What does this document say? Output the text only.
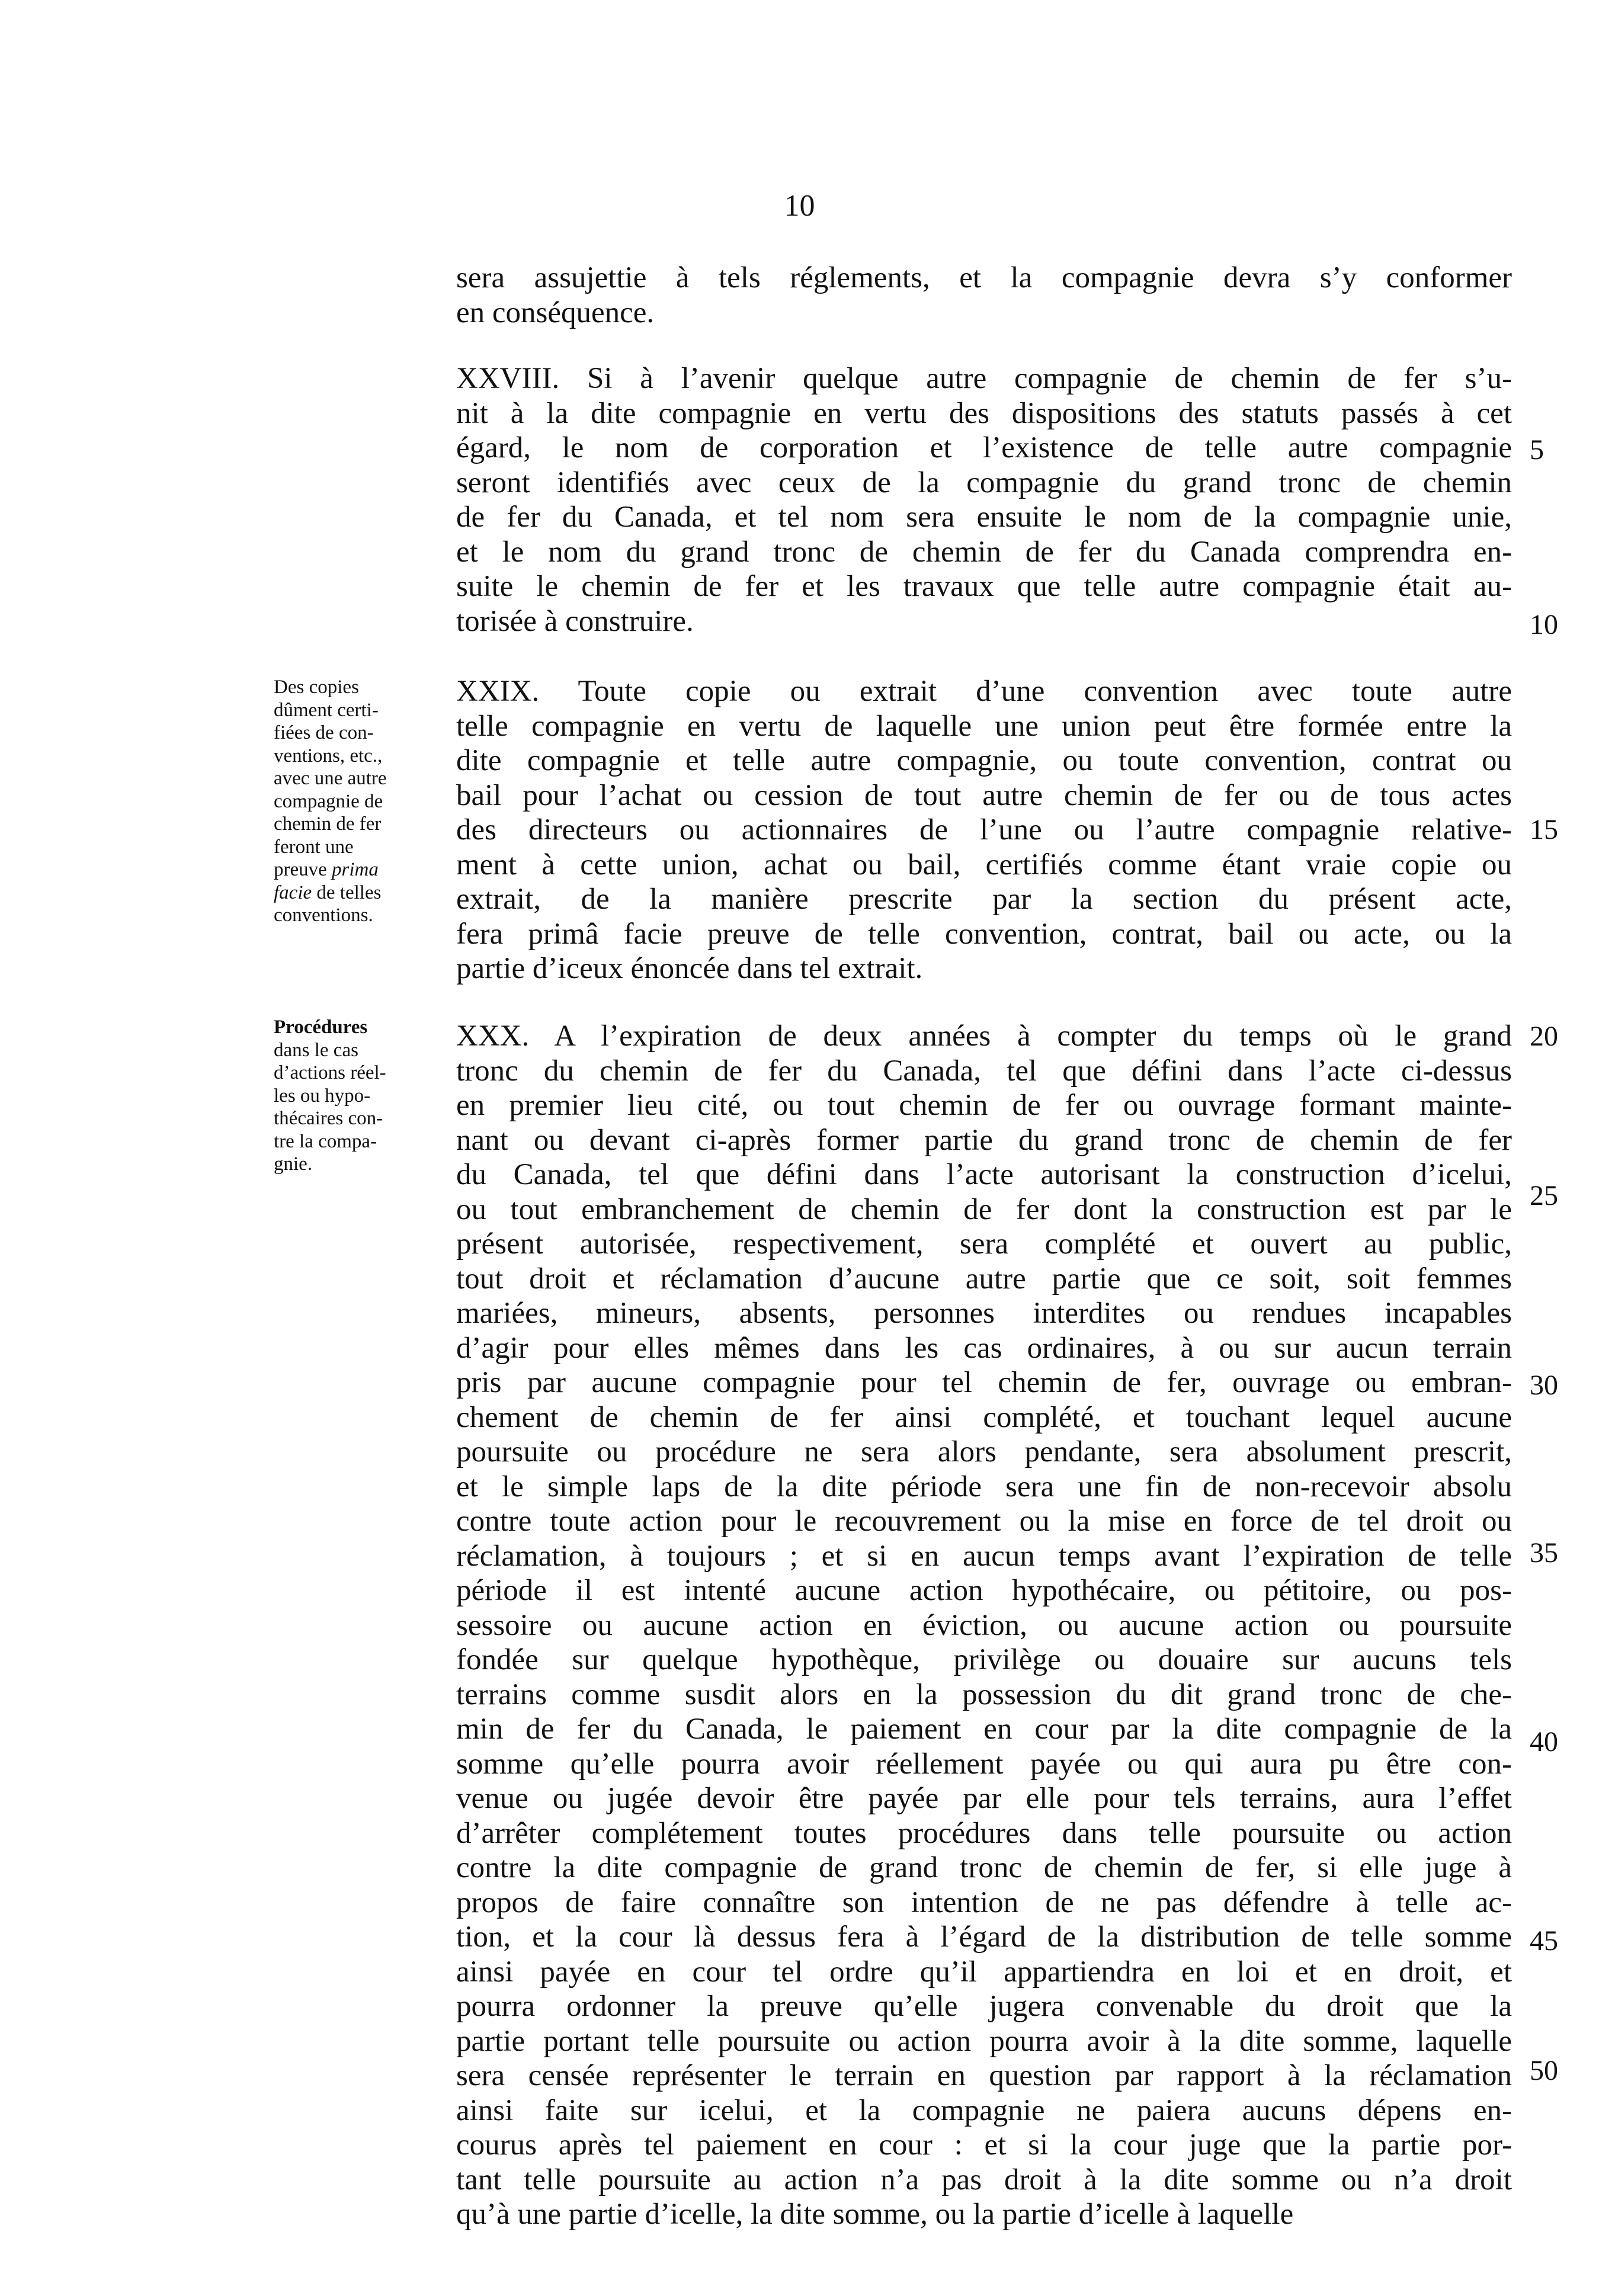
10
sera assujettie à tels réglements, et la compagnie devra s’y conformer
en conséquence.
XXVIII. Si à l’avenir quelque autre compagnie de chemin de fer s’u-
nit à la dite compagnie en vertu des dispositions des statuts passés à cet
égard, le nom de corporation et l’existence de telle autre compagnie
seront identifiés avec ceux de la compagnie du grand tronc de chemin
de fer du Canada, et tel nom sera ensuite le nom de la compagnie unie,
et le nom du grand tronc de chemin de fer du Canada comprendra en-
suite le chemin de fer et les travaux que telle autre compagnie était au-
torisée à construire.
XXIX. Toute copie ou extrait d’une convention avec toute autre
telle compagnie en vertu de laquelle une union peut être formée entre la
dite compagnie et telle autre compagnie, ou toute convention, contrat ou
bail pour l’achat ou cession de tout autre chemin de fer ou de tous actes
des directeurs ou actionnaires de l’une ou l’autre compagnie relative-
ment à cette union, achat ou bail, certifiés comme étant vraie copie ou
extrait, de la manière prescrite par la section du présent acte,
fera primâ facie preuve de telle convention, contrat, bail ou acte, ou la
partie d’iceux énoncée dans tel extrait.
XXX. A l’expiration de deux années à compter du temps où le grand
tronc du chemin de fer du Canada, tel que défini dans l’acte ci-dessus
en premier lieu cité, ou tout chemin de fer ou ouvrage formant mainte-
nant ou devant ci-après former partie du grand tronc de chemin de fer
du Canada, tel que défini dans l’acte autorisant la construction d’icelui,
ou tout embranchement de chemin de fer dont la construction est par le
présent autorisée, respectivement, sera complété et ouvert au public,
tout droit et réclamation d’aucune autre partie que ce soit, soit femmes
mariées, mineurs, absents, personnes interdites ou rendues incapables
d’agir pour elles mêmes dans les cas ordinaires, à ou sur aucun terrain
pris par aucune compagnie pour tel chemin de fer, ouvrage ou embran-
chement de chemin de fer ainsi complété, et touchant lequel aucune
poursuite ou procédure ne sera alors pendante, sera absolument prescrit,
et le simple laps de la dite période sera une fin de non-recevoir absolu
contre toute action pour le recouvrement ou la mise en force de tel droit ou
réclamation, à toujours ; et si en aucun temps avant l’expiration de telle
période il est intenté aucune action hypothécaire, ou pétitoire, ou pos-
sessoire ou aucune action en éviction, ou aucune action ou poursuite
fondée sur quelque hypothèque, privilège ou douaire sur aucuns tels
terrains comme susdit alors en la possession du dit grand tronc de che-
min de fer du Canada, le paiement en cour par la dite compagnie de la
somme qu’elle pourra avoir réellement payée ou qui aura pu être con-
venue ou jugée devoir être payée par elle pour tels terrains, aura l’effet
d’arrêter complétement toutes procédures dans telle poursuite ou action
contre la dite compagnie de grand tronc de chemin de fer, si elle juge à
propos de faire connaître son intention de ne pas défendre à telle ac-
tion, et la cour là dessus fera à l’égard de la distribution de telle somme
ainsi payée en cour tel ordre qu’il appartiendra en loi et en droit, et
pourra ordonner la preuve qu’elle jugera convenable du droit que la
partie portant telle poursuite ou action pourra avoir à la dite somme, laquelle
sera censée représenter le terrain en question par rapport à la réclamation
ainsi faite sur icelui, et la compagnie ne paiera aucuns dépens en-
courus après tel paiement en cour : et si la cour juge que la partie por-
tant telle poursuite au action n’a pas droit à la dite somme ou n’a droit
qu’à une partie d’icelle, la dite somme, ou la partie d’icelle à laquelle
Des copies
dûment certi-
fiées de con-
ventions, etc.,
avec une autre
compagnie de
chemin de fer
feront une
preuve prima
facie de telles
conventions.
Procédures
dans le cas
d’actions réel-
les ou hypo-
thécaires con-
tre la compa-
gnie.
5
10
15
20
25
30
35
40
45
50
